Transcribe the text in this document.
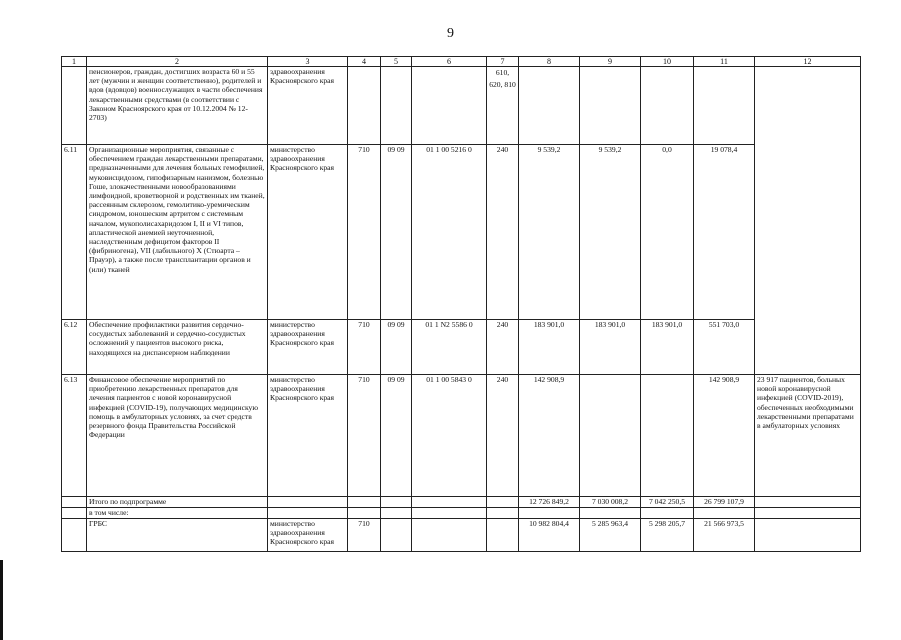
9
1	2	3	4	5	6	7	8	9	10	11	12
	пенсионеров, граждан, достигших возраста 60 и 55 лет (мужчин и женщин соответственно), родителей и вдов (вдовцов) военнослужащих в части обеспечения лекарственными средствами (в соответствии с Законом Красноярского края от 10.12.2004 № 12-2703)	здравоохранения Красноярского края				610, 620, 810					
6.11	Организационные мероприятия, связанные с обеспечением граждан лекарственными препаратами, предназначенными для лечения больных гемофилией, муковисцидозом, гипофизарным нанизмом, болезнью Гоше, злокачественными новообразованиями лимфоидной, кроветворной и родственных им тканей, рассеянным склерозом, гемолитико-уремическим синдромом, юношеским артритом с системным началом, мукополисахаридозом I, II и VI типов, апластической анемией неуточненной, наследственным дефицитом факторов II (фибриногена), VII (лабильного) Х (Стюарта – Прауэр), а также после трансплантации органов и (или) тканей	министерство здравоохранения Красноярского края	710	09 09	01 1 00 5216 0	240	9 539,2	9 539,2	0,0	19 078,4	
6.12	Обеспечение профилактики развития сердечно-сосудистых заболеваний и сердечно-сосудистых осложнений у пациентов высокого риска, находящихся на диспансерном наблюдении	министерство здравоохранения Красноярского края	710	09 09	01 1 N2 5586 0	240	183 901,0	183 901,0	183 901,0	551 703,0	
6.13	Финансовое обеспечение мероприятий по приобретению лекарственных препаратов для лечения пациентов с новой коронавирусной инфекцией (COVID-19), получающих медицинскую помощь в амбулаторных условиях, за счет средств резервного фонда Правительства Российской Федерации	министерство здравоохранения Красноярского края	710	09 09	01 1 00 5843 0	240	142 908,9			142 908,9	23 917 пациентов, больных новой коронавирусной инфекцией (COVID-2019), обеспеченных необходимыми лекарственными препаратами в амбулаторных условиях
	Итого по подпрограмме						12 726 849,2	7 030 008,2	7 042 250,5	26 799 107,9	
	в том числе:										
	ГРБС	министерство здравоохранения Красноярского края	710				10 982 804,4	5 285 963,4	5 298 205,7	21 566 973,5	
